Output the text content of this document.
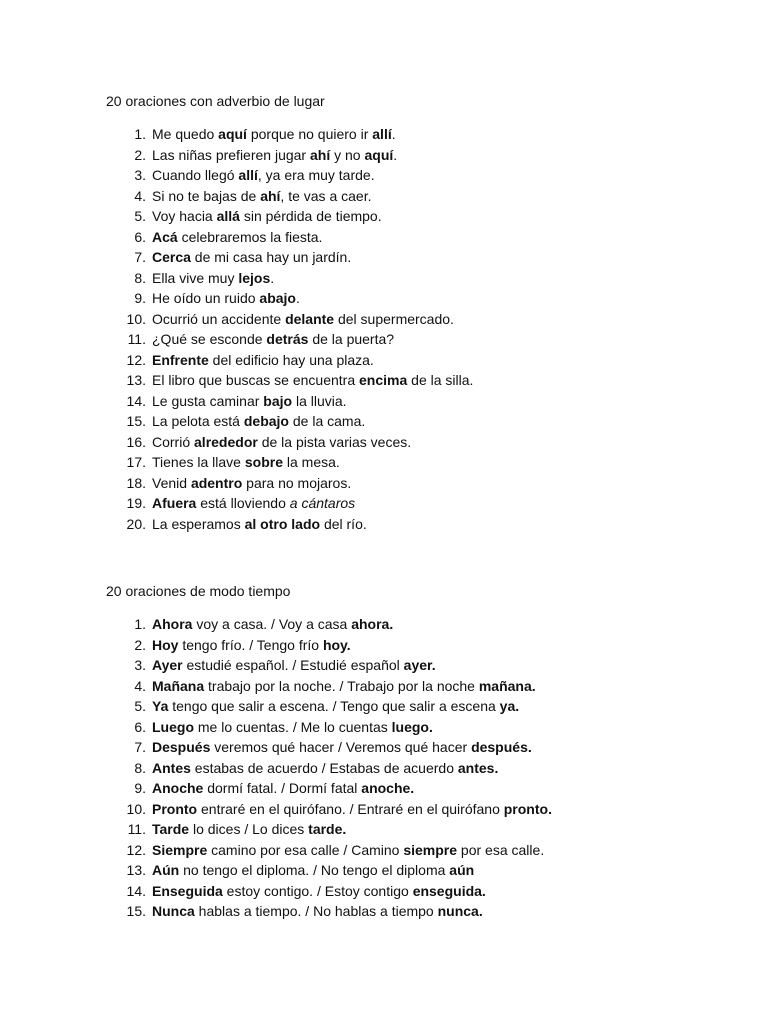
20 oraciones con adverbio de lugar
1. Me quedo aquí porque no quiero ir allí.
2. Las niñas prefieren jugar ahí y no aquí.
3. Cuando llegó allí, ya era muy tarde.
4. Si no te bajas de ahí, te vas a caer.
5. Voy hacia allá sin pérdida de tiempo.
6. Acá celebraremos la fiesta.
7. Cerca de mi casa hay un jardín.
8. Ella vive muy lejos.
9. He oído un ruido abajo.
10. Ocurrió un accidente delante del supermercado.
11. ¿Qué se esconde detrás de la puerta?
12. Enfrente del edificio hay una plaza.
13. El libro que buscas se encuentra encima de la silla.
14. Le gusta caminar bajo la lluvia.
15. La pelota está debajo de la cama.
16. Corrió alrededor de la pista varias veces.
17. Tienes la llave sobre la mesa.
18. Venid adentro para no mojaros.
19. Afuera está lloviendo a cántaros
20. La esperamos al otro lado del río.
20 oraciones de modo tiempo
1. Ahora voy a casa. / Voy a casa ahora.
2. Hoy tengo frío. / Tengo frío hoy.
3. Ayer estudié español. / Estudié español ayer.
4. Mañana trabajo por la noche. / Trabajo por la noche mañana.
5. Ya tengo que salir a escena. / Tengo que salir a escena ya.
6. Luego me lo cuentas. / Me lo cuentas luego.
7. Después veremos qué hacer / Veremos qué hacer después.
8. Antes estabas de acuerdo / Estabas de acuerdo antes.
9. Anoche dormí fatal. / Dormí fatal anoche.
10. Pronto entraré en el quirófano. / Entraré en el quirófano pronto.
11. Tarde lo dices / Lo dices tarde.
12. Siempre camino por esa calle / Camino siempre por esa calle.
13. Aún no tengo el diploma. / No tengo el diploma aún
14. Enseguida estoy contigo. / Estoy contigo enseguida.
15. Nunca hablas a tiempo. / No hablas a tiempo nunca.
